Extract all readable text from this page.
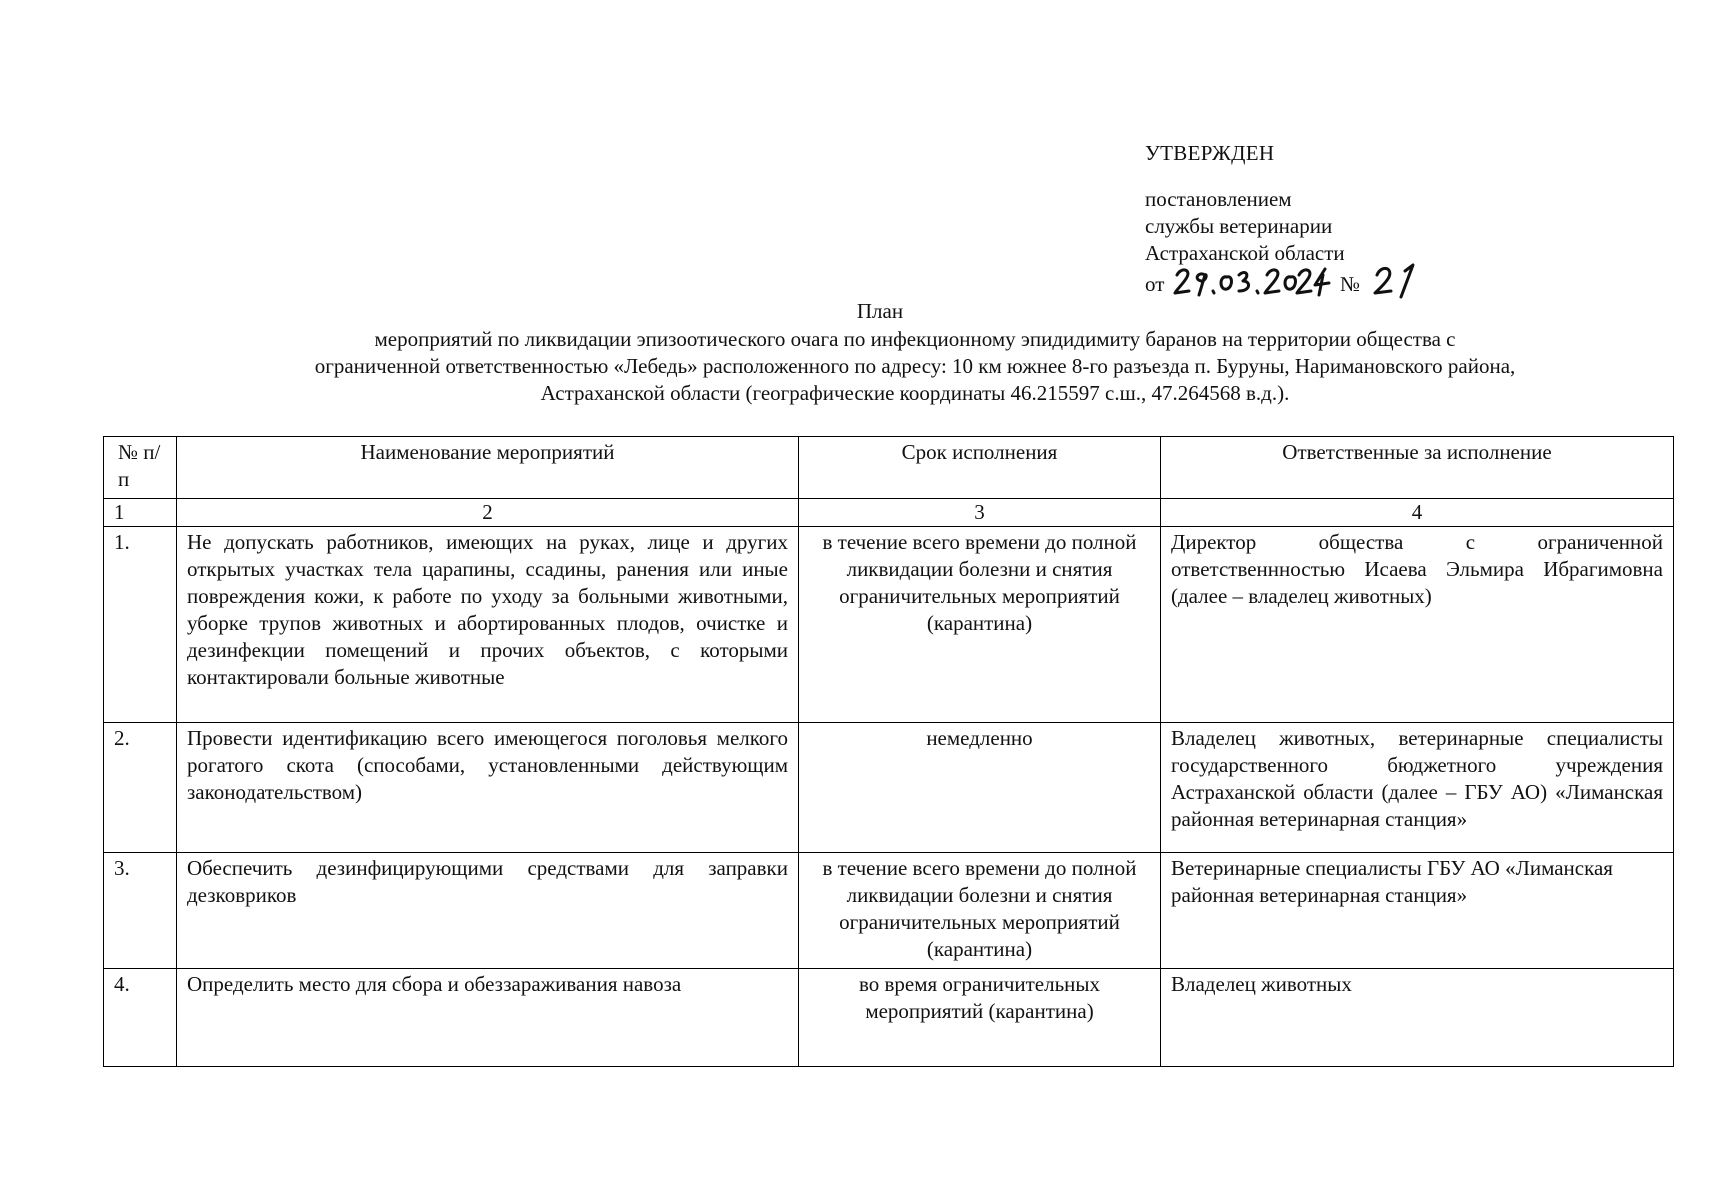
УТВЕРЖДЕН
постановлением
службы ветеринарии
Астраханской области
от	№
План
мероприятий по ликвидации эпизоотического очага по инфекционному эпидидимиту баранов на территории общества с
ограниченной ответственностью «Лебедь» расположенного по адресу: 10 км южнее 8-го разъезда п. Буруны, Наримановского района,
Астраханской области (географические координаты 46.215597 с.ш., 47.264568 в.д.).
№ п/п	Наименование мероприятий	Срок исполнения	Ответственные за исполнение
1	2	3	4
1.	Не допускать работников, имеющих на руках, лице и других открытых участках тела царапины, ссадины, ранения или иные повреждения кожи, к работе по уходу за больными животными, уборке трупов животных и абортированных плодов, очистке и дезинфекции помещений и прочих объектов, с которыми контактировали больные животные	в течение всего времени до полной ликвидации болезни и снятия ограничительных мероприятий (карантина)	Директор общества с ограниченной ответственнностью Исаева Эльмира Ибрагимовна (далее – владелец животных)
2.	Провести идентификацию всего имеющегося поголовья мелкого рогатого скота (способами, установленными действующим законодательством)	немедленно	Владелец животных, ветеринарные специалисты государственного бюджетного учреждения Астраханской области (далее – ГБУ АО) «Лиманская районная ветеринарная станция»
3.	Обеспечить дезинфицирующими средствами для заправки дезковриков	в течение всего времени до полной ликвидации болезни и снятия ограничительных мероприятий (карантина)	Ветеринарные специалисты ГБУ АО «Лиманская районная ветеринарная станция»
4.	Определить место для сбора и обеззараживания навоза	во время ограничительных мероприятий (карантина)	Владелец животных
